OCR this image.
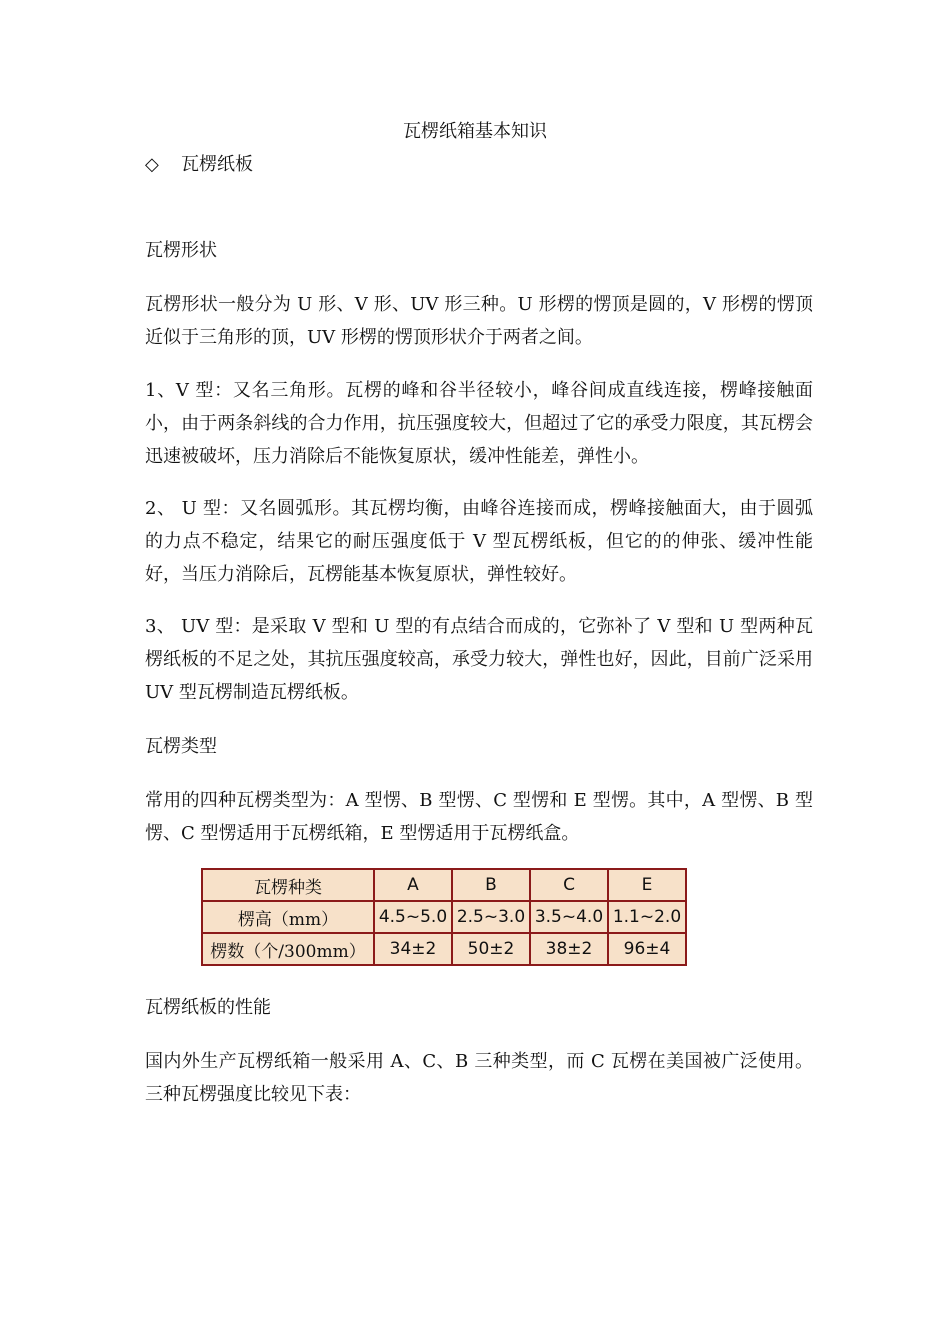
瓦楞纸箱基本知识
◇ 瓦楞纸板
瓦楞形状
瓦楞形状一般分为 U 形、V 形、UV 形三种。U 形楞的愣顶是圆的，V 形楞的愣顶近似于三角形的顶，UV 形楞的愣顶形状介于两者之间。
1、V 型：又名三角形。瓦楞的峰和谷半径较小，峰谷间成直线连接，楞峰接触面小，由于两条斜线的合力作用，抗压强度较大，但超过了它的承受力限度，其瓦楞会迅速被破坏，压力消除后不能恢复原状，缓冲性能差，弹性小。
2、 U 型：又名圆弧形。其瓦楞均衡，由峰谷连接而成，楞峰接触面大，由于圆弧的力点不稳定，结果它的耐压强度低于 V 型瓦楞纸板，但它的的伸张、缓冲性能好，当压力消除后，瓦楞能基本恢复原状，弹性较好。
3、 UV 型：是采取 V 型和 U 型的有点结合而成的，它弥补了 V 型和 U 型两种瓦楞纸板的不足之处，其抗压强度较高，承受力较大，弹性也好，因此，目前广泛采用 UV 型瓦楞制造瓦楞纸板。
瓦楞类型
常用的四种瓦楞类型为：A 型愣、B 型愣、C 型愣和 E 型愣。其中，A 型愣、B 型愣、C 型愣适用于瓦楞纸箱，E 型愣适用于瓦楞纸盒。
瓦楞种类	A	B	C	E
楞高（mm）	4.5~5.0	2.5~3.0	3.5~4.0	1.1~2.0
楞数（个/300mm）	34±2	50±2	38±2	96±4
瓦楞纸板的性能
国内外生产瓦楞纸箱一般采用 A、C、B 三种类型，而 C 瓦楞在美国被广泛使用。三种瓦楞强度比较见下表：
